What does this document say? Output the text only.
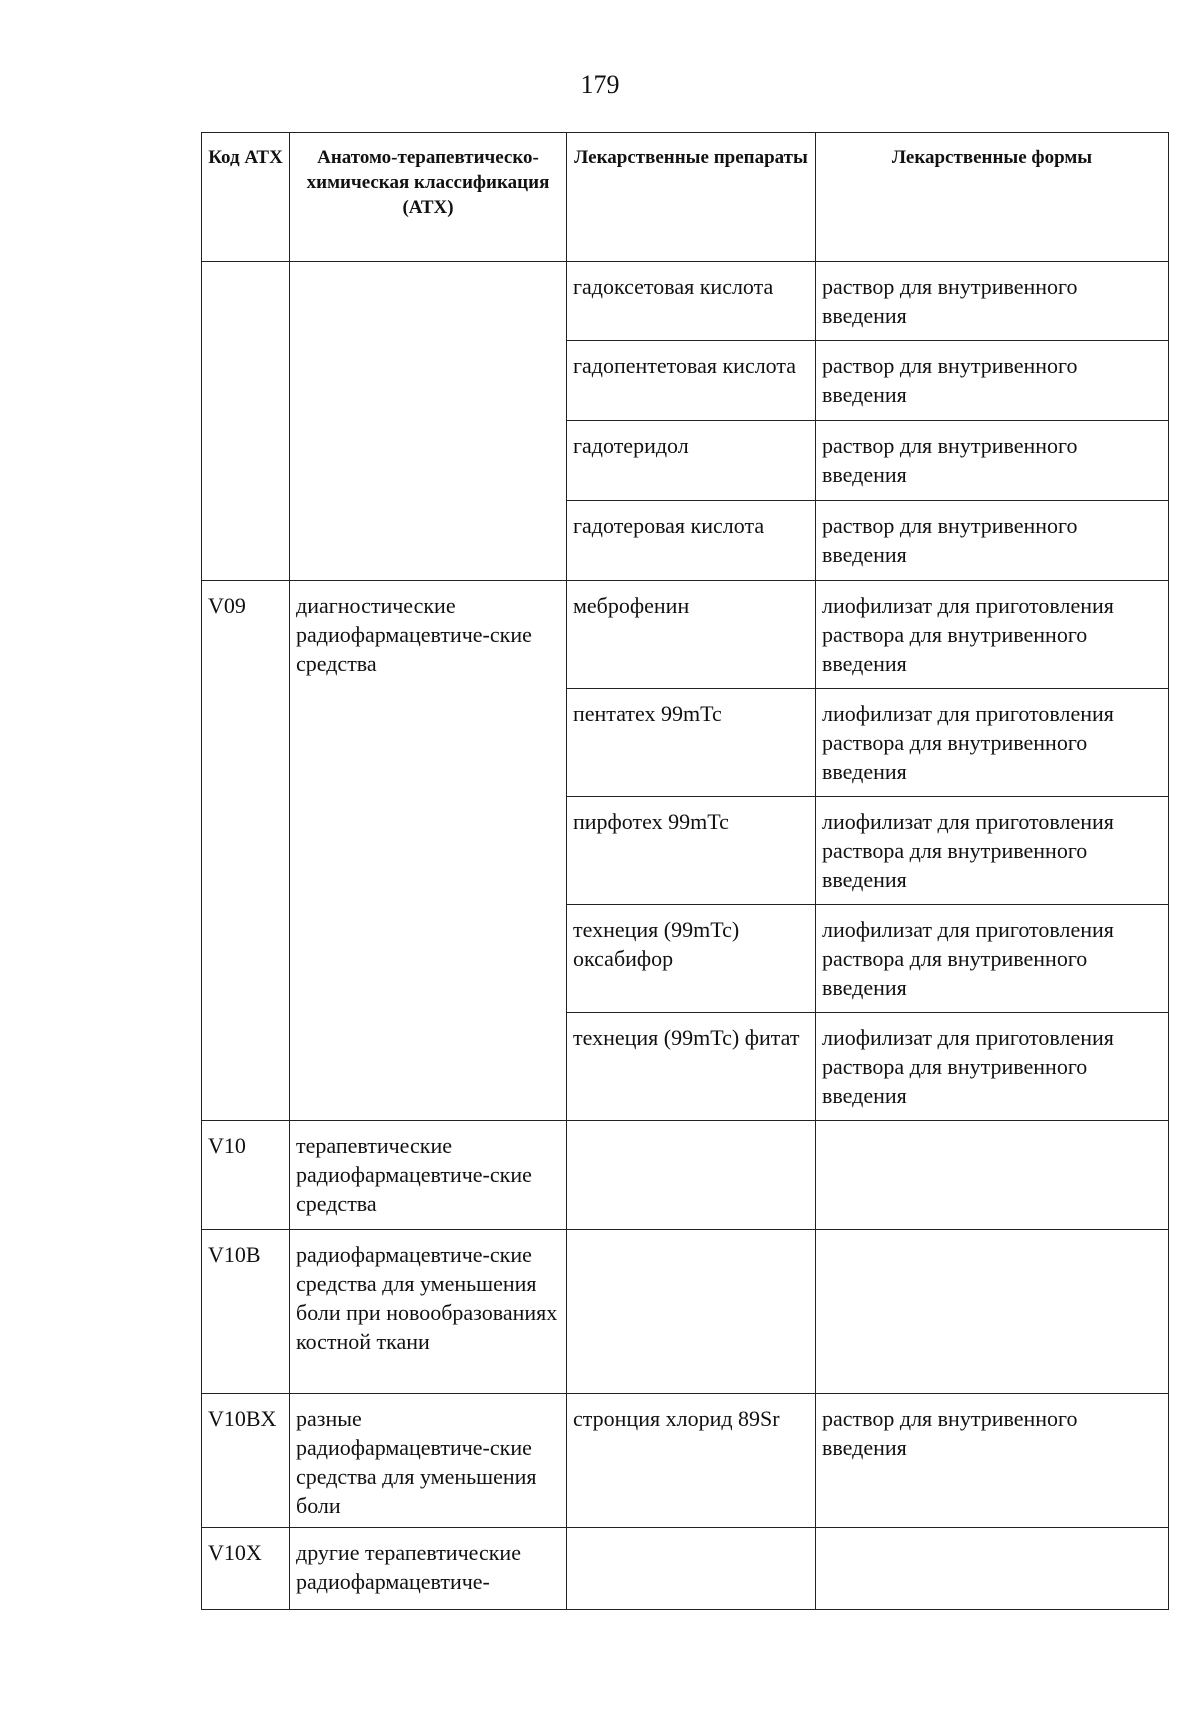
179
Код АТХ	Анатомо-терапевтическо-химическая классификация (АТХ)	Лекарственные препараты	Лекарственные формы
		гадоксетовая кислота	раствор для внутривенного введения
		гадопентетовая кислота	раствор для внутривенного введения
		гадотеридол	раствор для внутривенного введения
		гадотеровая кислота	раствор для внутривенного введения
V09	диагностические радиофармацевтиче-ские средства	меброфенин	лиофилизат для приготовления раствора для внутривенного введения
		пентатех 99mTc	лиофилизат для приготовления раствора для внутривенного введения
		пирфотех 99mTc	лиофилизат для приготовления раствора для внутривенного введения
		технеция (99mTc) оксабифор	лиофилизат для приготовления раствора для внутривенного введения
		технеция (99mTc) фитат	лиофилизат для приготовления раствора для внутривенного введения
V10	терапевтические радиофармацевтиче-ские средства		
V10B	радиофармацевтиче-ские средства для уменьшения боли при новообразованиях костной ткани		
V10BX	разные радиофармацевтиче-ские средства для уменьшения боли	стронция хлорид 89Sr	раствор для внутривенного введения
V10X	другие терапевтические радиофармацевтиче-		
